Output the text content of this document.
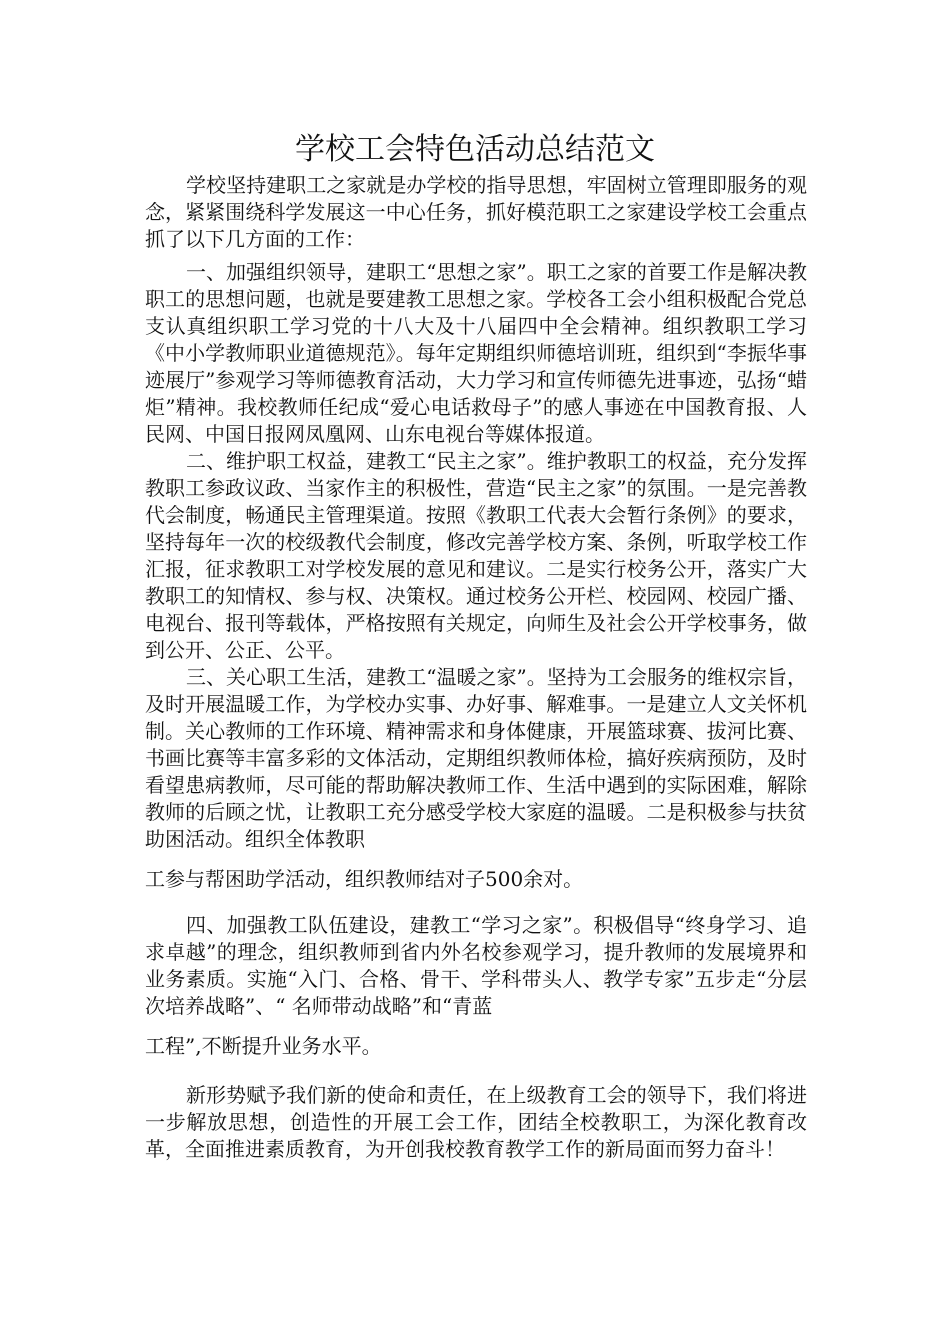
学校工会特色活动总结范文

学校坚持建职工之家就是办学校的指导思想，牢固树立管理即服务的观念，紧紧围绕科学发展这一中心任务，抓好模范职工之家建设学校工会重点抓了以下几方面的工作：

一、加强组织领导，建职工“思想之家”。职工之家的首要工作是解决教职工的思想问题，也就是要建教工思想之家。学校各工会小组积极配合党总支认真组织职工学习党的十八大及十八届四中全会精神。组织教职工学习《中小学教师职业道德规范》。每年定期组织师德培训班，组织到“李振华事迹展厅”参观学习等师德教育活动，大力学习和宣传师德先进事迹，弘扬“蜡炬”精神。我校教师任纪成“爱心电话救母子”的感人事迹在中国教育报、人民网、中国日报网凤凰网、山东电视台等媒体报道。

二、维护职工权益，建教工“民主之家”。维护教职工的权益，充分发挥教职工参政议政、当家作主的积极性，营造“民主之家”的氛围。一是完善教代会制度，畅通民主管理渠道。按照《教职工代表大会暂行条例》的要求，坚持每年一次的校级教代会制度，修改完善学校方案、条例，听取学校工作汇报，征求教职工对学校发展的意见和建议。二是实行校务公开，落实广大教职工的知情权、参与权、决策权。通过校务公开栏、校园网、校园广播、电视台、报刊等载体，严格按照有关规定，向师生及社会公开学校事务，做到公开、公正、公平。

三、关心职工生活，建教工“温暖之家”。坚持为工会服务的维权宗旨，及时开展温暖工作，为学校办实事、办好事、解难事。一是建立人文关怀机制。关心教师的工作环境、精神需求和身体健康，开展篮球赛、拔河比赛、书画比赛等丰富多彩的文体活动，定期组织教师体检，搞好疾病预防，及时看望患病教师，尽可能的帮助解决教师工作、生活中遇到的实际困难，解除教师的后顾之忧，让教职工充分感受学校大家庭的温暖。二是积极参与扶贫助困活动。组织全体教职

工参与帮困助学活动，组织教师结对子500余对。

四、加强教工队伍建设，建教工“学习之家”。积极倡导“终身学习、追求卓越”的理念，组织教师到省内外名校参观学习，提升教师的发展境界和业务素质。实施“入门、合格、骨干、学科带头人、教学专家”五步走“分层次培养战略”、“ 名师带动战略”和“青蓝

工程”,不断提升业务水平。

新形势赋予我们新的使命和责任，在上级教育工会的领导下，我们将进一步解放思想，创造性的开展工会工作，团结全校教职工，为深化教育改革，全面推进素质教育，为开创我校教育教学工作的新局面而努力奋斗！
